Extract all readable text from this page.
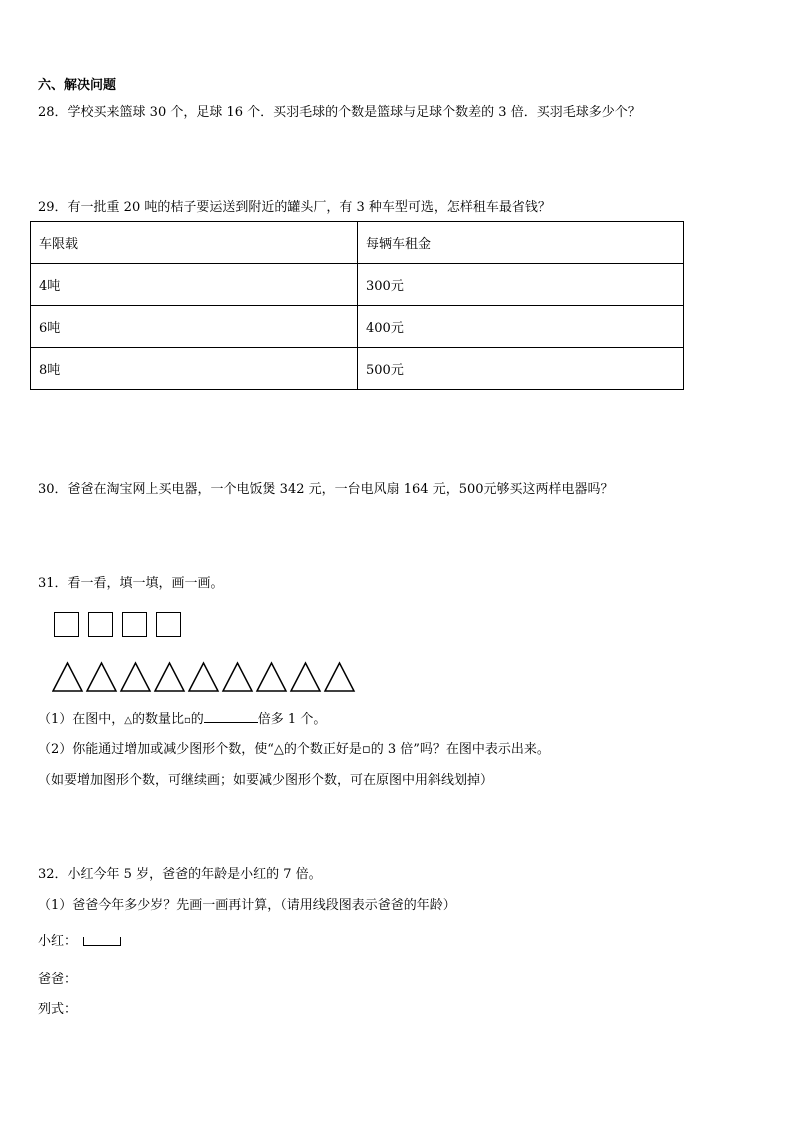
六、解决问题
28．学校买来篮球 30 个，足球 16 个．买羽毛球的个数是篮球与足球个数差的 3 倍．买羽毛球多少个？
29．有一批重 20 吨的桔子要运送到附近的罐头厂，有 3 种车型可选，怎样租车最省钱？
车限载	每辆车租金
4吨	300元
6吨	400元
8吨	500元
30．爸爸在淘宝网上买电器，一个电饭煲 342 元，一台电风扇 164 元，500元够买这两样电器吗？
31．看一看，填一填，画一画。
（1）在图中，△的数量比▫的	倍多 1 个。
（2）你能通过增加或减少图形个数，使“△的个数正好是▫的 3 倍”吗？在图中表示出来。
（如要增加图形个数，可继续画；如要减少图形个数，可在原图中用斜线划掉）
32．小红今年 5 岁，爸爸的年龄是小红的 7 倍。
（1）爸爸今年多少岁？先画一画再计算，（请用线段图表示爸爸的年龄）
小红：
爸爸：
列式：
